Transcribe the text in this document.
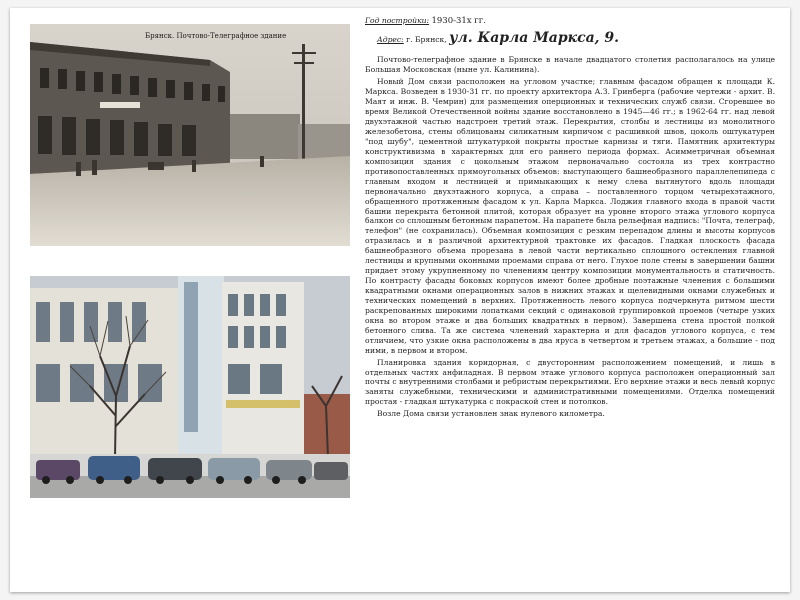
Брянск. Почтово-Телеграфное здание

Год постройки: 1930-31х гг.

Адрес: г. Брянск, ул. Карла Маркса, 9.

Почтово-телеграфное здание в Брянске в начале двадцатого столетия располагалось на улице Большая Московская (ныне ул. Калинина).

Новый Дом связи расположен на угловом участке; главным фасадом обращен к площади К. Маркса. Возведен в 1930-31 гг. по проекту архитектора А.З. Гринберга (рабочие чертежи - архит. В. Маят и инж. В. Чемрин) для размещения оперционных и технических служб связи. Сгоревшее во время Великой Отечественной войны здание восстановлено в 1945—46 гг.; в 1962-64 гг. над левой двухэтажной частью надстроен третий этаж. Перекрытия, столбы и лестницы из монолитного железобетона, стены облицованы силикатным кирпичом с расшивкой швов, цоколь оштукатурен "под шубу", цементной штукатуркой покрыты простые карнизы и тяги. Памятник архитектуры конструктивизма в характерных для его раннего периода формах. Асимметричная объемная композиция здания с цокольным этажом первоначально состояла из трех контрастно противопоставленных прямоугольных объемов: выступающего башнеобразного параллелепипеда с главным входом и лестницей и примыкающих к нему слева вытянутого вдоль площади первоначально двухэтажного корпуса, а справа – поставленного торцом четырехэтажного, обращенного протяженным фасадом к ул. Карла Маркса. Лоджия главного входа в правой части башни перекрыта бетонной плитой, которая образует на уровне второго этажа углового корпуса балкон со сплошным бетонным парапетом. На парапете была рельефная надпись: "Почта, телеграф, телефон" (не сохранилась). Объемная композиция с резким перепадом длины и высоты корпусов отразилась и в различной архитектурной трактовке их фасадов. Гладкая плоскость фасада башнеобразного объема прорезана в левой части вертикально сплошного остекления главной лестницы и крупными оконными проемами справа от него. Глухое поле стены в завершении башни придает этому укрупненному по членениям центру композиции монументальность и статичность. По контрасту фасады боковых корпусов имеют более дробные поэтажные членения с большими квадратными окнами операционных залов в нижних этажах и щелевидными окнами служебных и технических помещений в верхних. Протяженность левого корпуса подчеркнута ритмом шести раскрепованных широкими лопатками секций с одинаковой группировкой проемов (четыре узких окна во втором этаже и два больших квадратных в первом). Завершена стена простой полкой бетонного слива. Та же система членений характерна и для фасадов углового корпуса, с тем отличием, что узкие окна расположены в два яруса в четвертом и третьем этажах, а большие - под ними, в первом и втором.

Планировка здания коридорная, с двусторонним расположением помещений, и лишь в отдельных частях анфиладная. В первом этаже углового корпуса расположен операционный зал почты с внутренними столбами и ребристым перекрытиями. Его верхние этажи и весь левый корпус заняты служебными, техническими и административными помещениями. Отделка помещений простая - гладкая штукатурка с покраской стен и потолков.

Возле Дома связи установлен знак нулевого километра.
